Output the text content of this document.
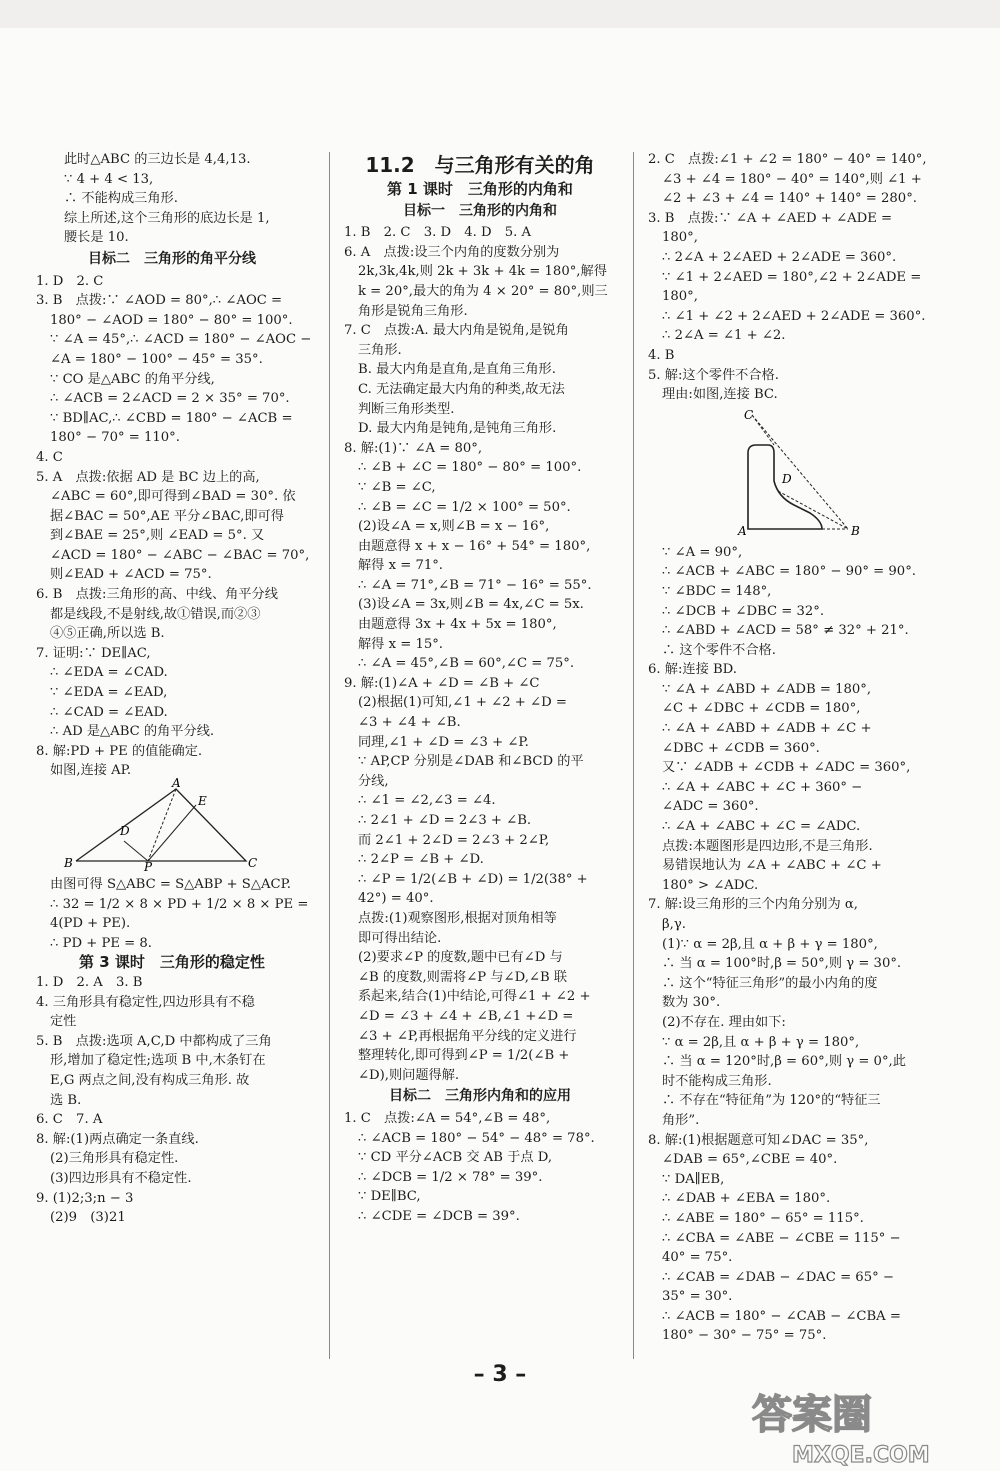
此时△ABC 的三边长是 4,4,13.
∵ 4 + 4 < 13,
∴ 不能构成三角形.
综上所述,这个三角形的底边长是 1,
腰长是 10.
目标二　三角形的角平分线
1. D　2. C
3. B　点拨:∵ ∠AOD = 80°,∴ ∠AOC =
180° − ∠AOD = 180° − 80° = 100°.
∵ ∠A = 45°,∴ ∠ACD = 180° − ∠AOC −
∠A = 180° − 100° − 45° = 35°.
∵ CO 是△ABC 的角平分线,
∴ ∠ACB = 2∠ACD = 2 × 35° = 70°.
∵ BD∥AC,∴ ∠CBD = 180° − ∠ACB =
180° − 70° = 110°.
4. C
5. A　点拨:依据 AD 是 BC 边上的高,
∠ABC = 60°,即可得到∠BAD = 30°. 依
据∠BAC = 50°,AE 平分∠BAC,即可得
到∠BAE = 25°,则 ∠EAD = 5°. 又
∠ACD = 180° − ∠ABC − ∠BAC = 70°,
则∠EAD + ∠ACD = 75°.
6. B　点拨:三角形的高、中线、角平分线
都是线段,不是射线,故①错误,而②③
④⑤正确,所以选 B.
7. 证明:∵ DE∥AC,
∴ ∠EDA = ∠CAD.
∵ ∠EDA = ∠EAD,
∴ ∠CAD = ∠EAD.
∴ AD 是△ABC 的角平分线.
8. 解:PD + PE 的值能确定.
如图,连接 AP.
A
E
D
B	P	C
由图可得 S△ABC = S△ABP + S△ACP.
∴ 32 = 1/2 × 8 × PD + 1/2 × 8 × PE =
4(PD + PE).
∴ PD + PE = 8.
第 3 课时　三角形的稳定性
1. D　2. A　3. B
4. 三角形具有稳定性,四边形具有不稳
定性
5. B　点拨:选项 A,C,D 中都构成了三角
形,增加了稳定性;选项 B 中,木条钉在
E,G 两点之间,没有构成三角形. 故
选 B.
6. C　7. A
8. 解:(1)两点确定一条直线.
(2)三角形具有稳定性.
(3)四边形具有不稳定性.
9. (1)2;3;n − 3
(2)9　(3)21
11.2　与三角形有关的角
第 1 课时　三角形的内角和
目标一　三角形的内角和
1. B　2. C　3. D　4. D　5. A
6. A　点拨:设三个内角的度数分别为
2k,3k,4k,则 2k + 3k + 4k = 180°,解得
k = 20°,最大的角为 4 × 20° = 80°,则三
角形是锐角三角形.
7. C　点拨:A. 最大内角是锐角,是锐角
三角形.
B. 最大内角是直角,是直角三角形.
C. 无法确定最大内角的种类,故无法
判断三角形类型.
D. 最大内角是钝角,是钝角三角形.
8. 解:(1)∵ ∠A = 80°,
∴ ∠B + ∠C = 180° − 80° = 100°.
∵ ∠B = ∠C,
∴ ∠B = ∠C = 1/2 × 100° = 50°.
(2)设∠A = x,则∠B = x − 16°,
由题意得 x + x − 16° + 54° = 180°,
解得 x = 71°.
∴ ∠A = 71°,∠B = 71° − 16° = 55°.
(3)设∠A = 3x,则∠B = 4x,∠C = 5x.
由题意得 3x + 4x + 5x = 180°,
解得 x = 15°.
∴ ∠A = 45°,∠B = 60°,∠C = 75°.
9. 解:(1)∠A + ∠D = ∠B + ∠C
(2)根据(1)可知,∠1 + ∠2 + ∠D =
∠3 + ∠4 + ∠B.
同理,∠1 + ∠D = ∠3 + ∠P.
∵ AP,CP 分别是∠DAB 和∠BCD 的平
分线,
∴ ∠1 = ∠2,∠3 = ∠4.
∴ 2∠1 + ∠D = 2∠3 + ∠B.
而 2∠1 + 2∠D = 2∠3 + 2∠P,
∴ 2∠P = ∠B + ∠D.
∴ ∠P = 1/2(∠B + ∠D) = 1/2(38° +
42°) = 40°.
点拨:(1)观察图形,根据对顶角相等
即可得出结论.
(2)要求∠P 的度数,题中已有∠D 与
∠B 的度数,则需将∠P 与∠D,∠B 联
系起来,结合(1)中结论,可得∠1 + ∠2 +
∠D = ∠3 + ∠4 + ∠B,∠1 +∠D =
∠3 + ∠P,再根据角平分线的定义进行
整理转化,即可得到∠P = 1/2(∠B +
∠D),则问题得解.
目标二　三角形内角和的应用
1. C　点拨:∠A = 54°,∠B = 48°,
∴ ∠ACB = 180° − 54° − 48° = 78°.
∵ CD 平分∠ACB 交 AB 于点 D,
∴ ∠DCB = 1/2 × 78° = 39°.
∵ DE∥BC,
∴ ∠CDE = ∠DCB = 39°.
2. C　点拨:∠1 + ∠2 = 180° − 40° = 140°,
∠3 + ∠4 = 180° − 40° = 140°,则 ∠1 +
∠2 + ∠3 + ∠4 = 140° + 140° = 280°.
3. B　点拨:∵ ∠A + ∠AED + ∠ADE =
180°,
∴ 2∠A + 2∠AED + 2∠ADE = 360°.
∵ ∠1 + 2∠AED = 180°,∠2 + 2∠ADE =
180°,
∴ ∠1 + ∠2 + 2∠AED + 2∠ADE = 360°.
∴ 2∠A = ∠1 + ∠2.
4. B
5. 解:这个零件不合格.
理由:如图,连接 BC.
C
D
A	B
∵ ∠A = 90°,
∴ ∠ACB + ∠ABC = 180° − 90° = 90°.
∵ ∠BDC = 148°,
∴ ∠DCB + ∠DBC = 32°.
∴ ∠ABD + ∠ACD = 58° ≠ 32° + 21°.
∴ 这个零件不合格.
6. 解:连接 BD.
∵ ∠A + ∠ABD + ∠ADB = 180°,
∠C + ∠DBC + ∠CDB = 180°,
∴ ∠A + ∠ABD + ∠ADB + ∠C +
∠DBC + ∠CDB = 360°.
又∵ ∠ADB + ∠CDB + ∠ADC = 360°,
∴ ∠A + ∠ABC + ∠C + 360° −
∠ADC = 360°.
∴ ∠A + ∠ABC + ∠C = ∠ADC.
点拨:本题图形是四边形,不是三角形.
易错误地认为 ∠A + ∠ABC + ∠C +
180° > ∠ADC.
7. 解:设三角形的三个内角分别为 α,
β,γ.
(1)∵ α = 2β,且 α + β + γ = 180°,
∴ 当 α = 100°时,β = 50°,则 γ = 30°.
∴ 这个“特征三角形”的最小内角的度
数为 30°.
(2)不存在. 理由如下:
∵ α = 2β,且 α + β + γ = 180°,
∴ 当 α = 120°时,β = 60°,则 γ = 0°,此
时不能构成三角形.
∴ 不存在“特征角”为 120°的“特征三
角形”.
8. 解:(1)根据题意可知∠DAC = 35°,
∠DAB = 65°,∠CBE = 40°.
∵ DA∥EB,
∴ ∠DAB + ∠EBA = 180°.
∴ ∠ABE = 180° − 65° = 115°.
∴ ∠CBA = ∠ABE − ∠CBE = 115° −
40° = 75°.
∴ ∠CAB = ∠DAB − ∠DAC = 65° −
35° = 30°.
∴ ∠ACB = 180° − ∠CAB − ∠CBA =
180° − 30° − 75° = 75°.
– 3 –
答案圈
MXQE.COM
